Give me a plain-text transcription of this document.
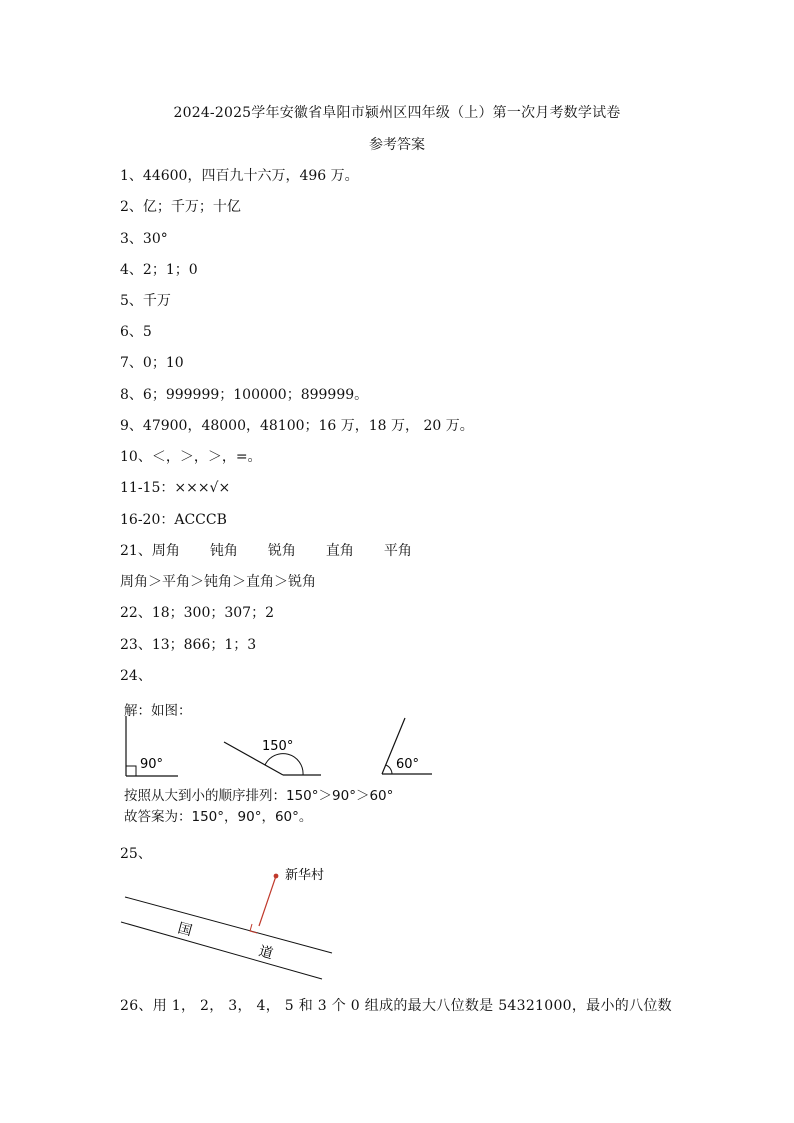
2024-2025学年安徽省阜阳市颍州区四年级（上）第一次月考数学试卷
参考答案
1、44600，四百九十六万，496 万。
2、亿；千万；十亿
3、30°
4、2；1；0
5、千万
6、5
7、0；10
8、6；999999；100000；899999。
9、47900，48000，48100；16 万，18 万， 20 万。
10、＜，＞，＞，=。
11-15：×××√×
16-20：ACCCB
21、周角 钝角 锐角 直角 平角
周角＞平角＞钝角＞直角＞锐角
22、18；300；307；2
23、13；866；1；3
24、
解：如图：
90°
150°
60°
按照从大到小的顺序排列：150°＞90°＞60°
故答案为：150°，90°，60°。
25、
新华村
国
道
26、用 1， 2， 3， 4， 5 和 3 个 0 组成的最大八位数是 54321000，最小的八位数
